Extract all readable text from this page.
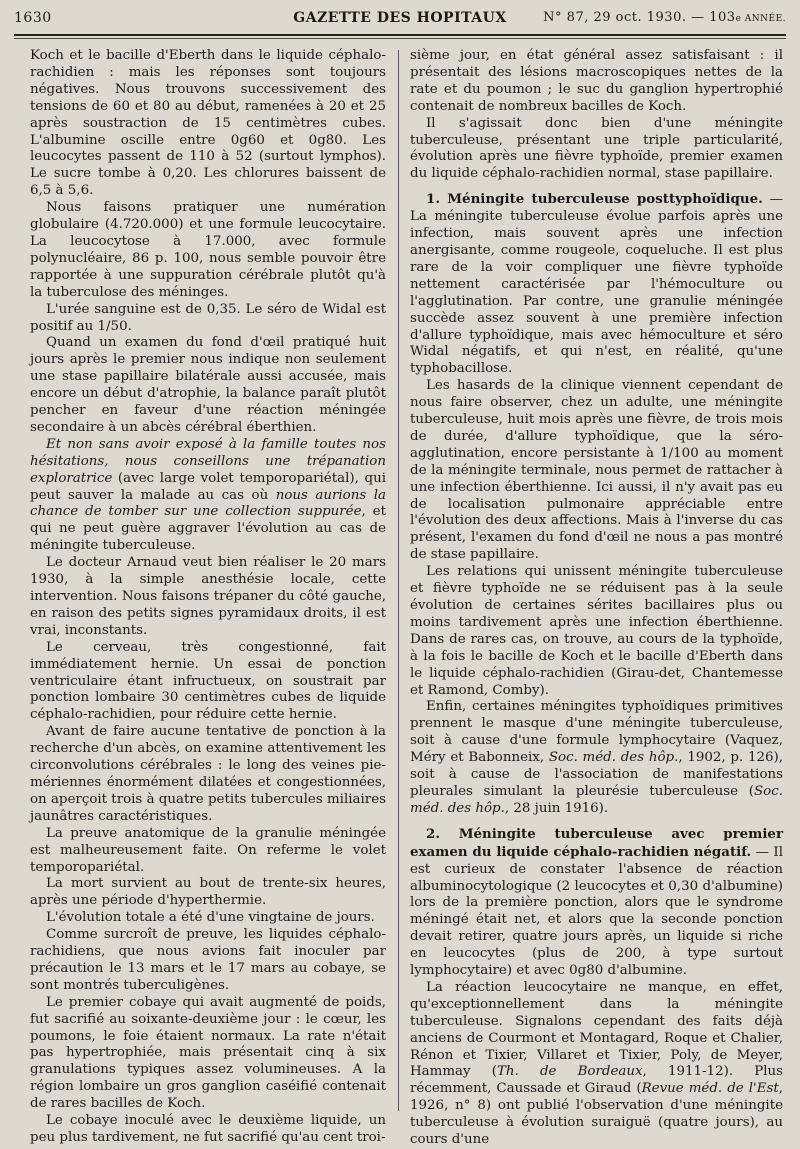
1630	GAZETTE DES HOPITAUX	N° 87, 29 oct. 1930. — 103e ANNÉE.

Koch et le bacille d'Eberth dans le liquide céphalo-rachidien : mais les réponses sont toujours négatives. Nous trouvons successivement des tensions de 60 et 80 au début, ramenées à 20 et 25 après soustraction de 15 centimètres cubes. L'albumine oscille entre 0g60 et 0g80. Les leucocytes passent de 110 à 52 (surtout lymphos). Le sucre tombe à 0,20. Les chlorures baissent de 6,5 à 5,6.

Nous faisons pratiquer une numération globulaire (4.720.000) et une formule leucocytaire. La leucocytose à 17.000, avec formule polynucléaire, 86 p. 100, nous semble pouvoir être rapportée à une suppuration cérébrale plutôt qu'à la tuberculose des méninges.

L'urée sanguine est de 0,35. Le séro de Widal est positif au 1/50.

Quand un examen du fond d'œil pratiqué huit jours après le premier nous indique non seulement une stase papillaire bilatérale aussi accusée, mais encore un début d'atrophie, la balance paraît plutôt pencher en faveur d'une réaction méningée secondaire à un abcès cérébral éberthien.

Et non sans avoir exposé à la famille toutes nos hésitations, nous conseillons une trépanation exploratrice (avec large volet temporopariétal), qui peut sauver la malade au cas où nous aurions la chance de tomber sur une collection suppurée, et qui ne peut guère aggraver l'évolution au cas de méningite tuberculeuse.

Le docteur Arnaud veut bien réaliser le 20 mars 1930, à la simple anesthésie locale, cette intervention. Nous faisons trépaner du côté gauche, en raison des petits signes pyramidaux droits, il est vrai, inconstants.

Le cerveau, très congestionné, fait immédiatement hernie. Un essai de ponction ventriculaire étant infructueux, on soustrait par ponction lombaire 30 centimètres cubes de liquide céphalo-rachidien, pour réduire cette hernie.

Avant de faire aucune tentative de ponction à la recherche d'un abcès, on examine attentivement les circonvolutions cérébrales : le long des veines pie-mériennes énormément dilatées et congestionnées, on aperçoit trois à quatre petits tubercules miliaires jaunâtres caractéristiques.

La preuve anatomique de la granulie méningée est malheureusement faite. On referme le volet temporopariétal.

La mort survient au bout de trente-six heures, après une période d'hyperthermie.

L'évolution totale a été d'une vingtaine de jours.

Comme surcroît de preuve, les liquides céphalo-rachidiens, que nous avions fait inoculer par précaution le 13 mars et le 17 mars au cobaye, se sont montrés tuberculigènes.

Le premier cobaye qui avait augmenté de poids, fut sacrifié au soixante-deuxième jour : le cœur, les poumons, le foie étaient normaux. La rate n'était pas hypertrophiée, mais présentait cinq à six granulations typiques assez volumineuses. A la région lombaire un gros ganglion caséifié contenait de rares bacilles de Koch.

Le cobaye inoculé avec le deuxième liquide, un peu plus tardivement, ne fut sacrifié qu'au cent troi-

sième jour, en état général assez satisfaisant : il présentait des lésions macroscopiques nettes de la rate et du poumon ; le suc du ganglion hypertrophié contenait de nombreux bacilles de Koch.

Il s'agissait donc bien d'une méningite tuberculeuse, présentant une triple particularité, évolution après une fièvre typhoïde, premier examen du liquide céphalo-rachidien normal, stase papillaire.

1. Méningite tuberculeuse posttyphoïdique. — La méningite tuberculeuse évolue parfois après une infection, mais souvent après une infection anergisante, comme rougeole, coqueluche. Il est plus rare de la voir compliquer une fièvre typhoïde nettement caractérisée par l'hémoculture ou l'agglutination. Par contre, une granulie méningée succède assez souvent à une première infection d'allure typhoïdique, mais avec hémoculture et séro Widal négatifs, et qui n'est, en réalité, qu'une typhobacillose.

Les hasards de la clinique viennent cependant de nous faire observer, chez un adulte, une méningite tuberculeuse, huit mois après une fièvre, de trois mois de durée, d'allure typhoïdique, que la séro-agglutination, encore persistante à 1/100 au moment de la méningite terminale, nous permet de rattacher à une infection éberthienne. Ici aussi, il n'y avait pas eu de localisation pulmonaire appréciable entre l'évolution des deux affections. Mais à l'inverse du cas présent, l'examen du fond d'œil ne nous a pas montré de stase papillaire.

Les relations qui unissent méningite tuberculeuse et fièvre typhoïde ne se réduisent pas à la seule évolution de certaines sérites bacillaires plus ou moins tardivement après une infection éberthienne. Dans de rares cas, on trouve, au cours de la typhoïde, à la fois le bacille de Koch et le bacille d'Eberth dans le liquide céphalo-rachidien (Girau-det, Chantemesse et Ramond, Comby).

Enfin, certaines méningites typhoïdiques primitives prennent le masque d'une méningite tuberculeuse, soit à cause d'une formule lymphocytaire (Vaquez, Méry et Babonneix, Soc. méd. des hôp., 1902, p. 126), soit à cause de l'association de manifestations pleurales simulant la pleurésie tuberculeuse (Soc. méd. des hôp., 28 juin 1916).

2. Méningite tuberculeuse avec premier examen du liquide céphalo-rachidien négatif. — Il est curieux de constater l'absence de réaction albuminocytologique (2 leucocytes et 0,30 d'albumine) lors de la première ponction, alors que le syndrome méningé était net, et alors que la seconde ponction devait retirer, quatre jours après, un liquide si riche en leucocytes (plus de 200, à type surtout lymphocytaire) et avec 0g80 d'albumine.

La réaction leucocytaire ne manque, en effet, qu'exceptionnellement dans la méningite tuberculeuse. Signalons cependant des faits déjà anciens de Courmont et Montagard, Roque et Chalier, Rénon et Tixier, Villaret et Tixier, Poly, de Meyer, Hammay (Th. de Bordeaux, 1911-12). Plus récemment, Caussade et Giraud (Revue méd. de l'Est, 1926, n° 8) ont publié l'observation d'une méningite tuberculeuse à évolution suraiguë (quatre jours), au cours d'une
